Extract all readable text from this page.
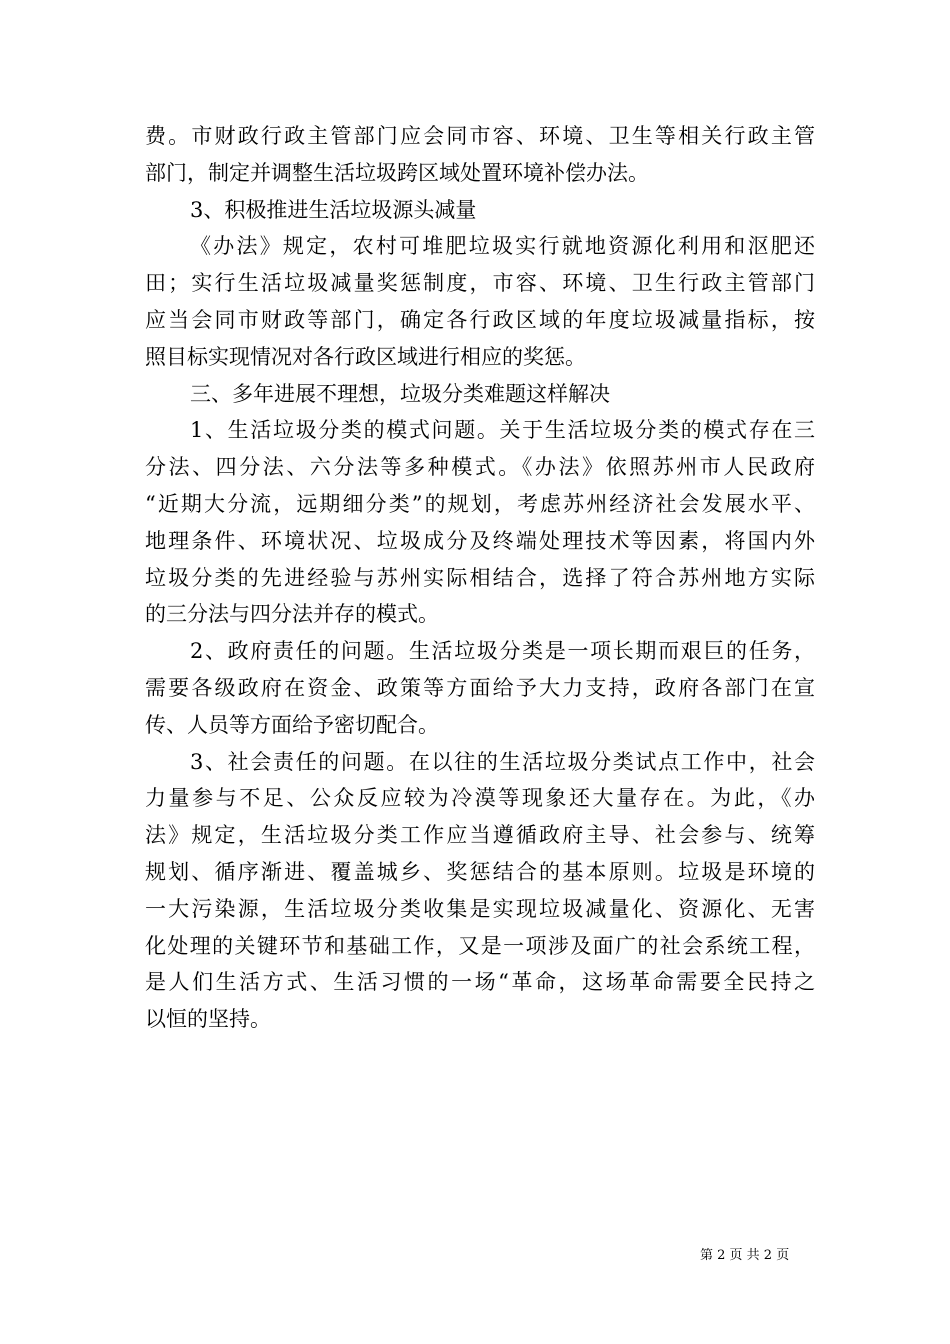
费。市财政行政主管部门应会同市容、环境、卫生等相关行政主管
部门，制定并调整生活垃圾跨区域处置环境补偿办法。
3、积极推进生活垃圾源头减量
《办法》规定，农村可堆肥垃圾实行就地资源化利用和沤肥还
田；实行生活垃圾减量奖惩制度，市容、环境、卫生行政主管部门
应当会同市财政等部门，确定各行政区域的年度垃圾减量指标，按
照目标实现情况对各行政区域进行相应的奖惩。
三、多年进展不理想，垃圾分类难题这样解决
1、生活垃圾分类的模式问题。关于生活垃圾分类的模式存在三
分法、四分法、六分法等多种模式。《办法》依照苏州市人民政府
“近期大分流，远期细分类”的规划，考虑苏州经济社会发展水平、
地理条件、环境状况、垃圾成分及终端处理技术等因素，将国内外
垃圾分类的先进经验与苏州实际相结合，选择了符合苏州地方实际
的三分法与四分法并存的模式。
2、政府责任的问题。生活垃圾分类是一项长期而艰巨的任务，
需要各级政府在资金、政策等方面给予大力支持，政府各部门在宣
传、人员等方面给予密切配合。
3、社会责任的问题。在以往的生活垃圾分类试点工作中，社会
力量参与不足、公众反应较为冷漠等现象还大量存在。为此，《办
法》规定，生活垃圾分类工作应当遵循政府主导、社会参与、统筹
规划、循序渐进、覆盖城乡、奖惩结合的基本原则。垃圾是环境的
一大污染源，生活垃圾分类收集是实现垃圾减量化、资源化、无害
化处理的关键环节和基础工作，又是一项涉及面广的社会系统工程，
是人们生活方式、生活习惯的一场“革命，这场革命需要全民持之
以恒的坚持。
第 2 页 共 2 页
